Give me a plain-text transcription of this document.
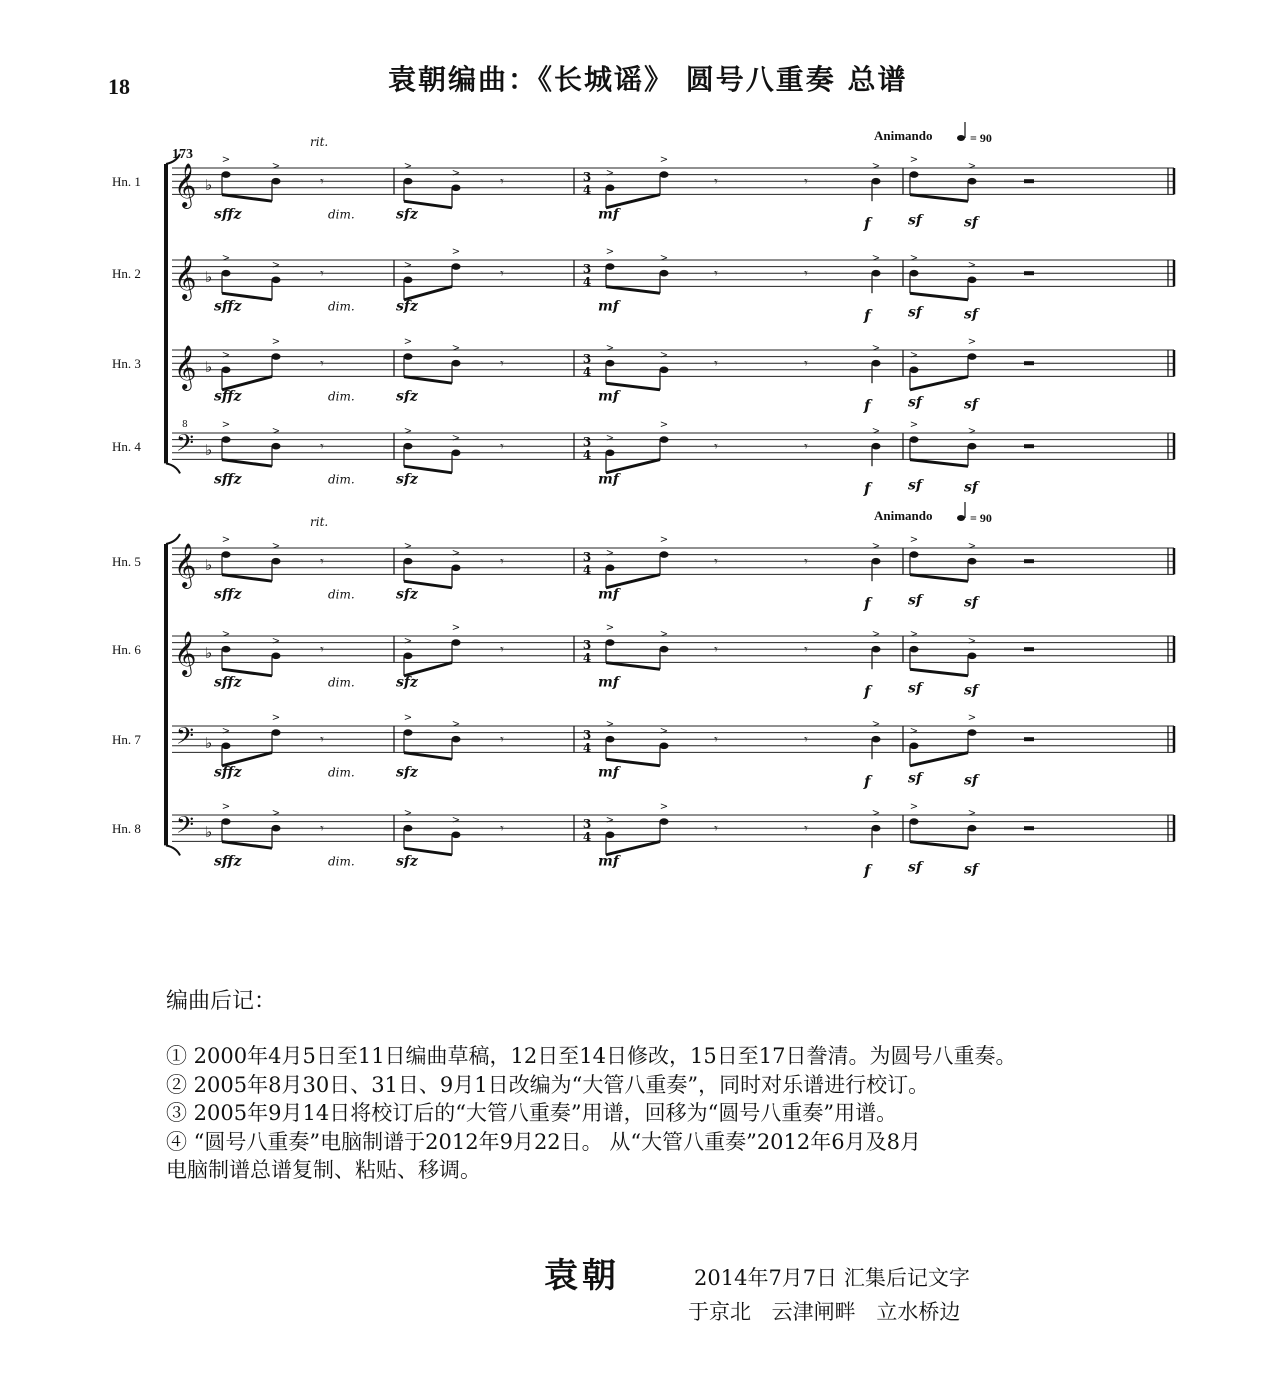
18	袁朝编曲：《长城谣》 圆号八重奏 总谱
Hn. 1 𝄞 ♭	3
4
>
>	>
>	>
>	>
>
>
𝄾	𝄾	𝄾	𝄾
sffz	dim.	sfz	mf	f	sf	sf
Hn. 2 𝄞 ♭	3
4
>
>	>
>	>
>	>
>
>
𝄾	𝄾	𝄾	𝄾
sffz	dim.	sfz	mf	f	sf	sf
Hn. 3 𝄞 ♭	3
4
>
>	>
>	>
>	>
>
>
𝄾	𝄾	𝄾	𝄾
sffz	dim.	sfz	mf	f	sf	sf
Hn. 4 𝄢
8
♭	3
4
>
>	>
>	>
>	>
>
>
𝄾	𝄾	𝄾	𝄾
sffz	dim.	sfz	mf	f	sf	sf
rit.	Animando	= 90
Hn. 5 𝄞 ♭	3
4
>
>	>
>	>
>	>
>
>
𝄾	𝄾	𝄾	𝄾
sffz	dim.	sfz	mf	f	sf	sf
Hn. 6 𝄞 ♭	3
4
>
>	>
>	>
>	>
>
>
𝄾	𝄾	𝄾	𝄾
sffz	dim.	sfz	mf	f	sf	sf
Hn. 7 𝄢 ♭	3
4
>
>	>
>	>
>	>
>
>
𝄾	𝄾	𝄾	𝄾
sffz	dim.	sfz	mf	f	sf	sf
Hn. 8 𝄢 ♭	3
4
>
>	>
>	>
>	>
>
>
𝄾	𝄾	𝄾	𝄾
sffz	dim.	sfz	mf	f	sf	sf
rit.	Animando	= 90
173
编曲后记：
① 2000年4月5日至11日编曲草稿，12日至14日修改，15日至17日誊清。为圆号八重奏。
② 2005年8月30日、31日、9月1日改编为“大管八重奏”，同时对乐谱进行校订。
③ 2005年9月14日将校订后的“大管八重奏”用谱，回移为“圆号八重奏”用谱。
④ “圆号八重奏”电脑制谱于2012年9月22日。 从“大管八重奏”2012年6月及8月
电脑制谱总谱复制、粘贴、移调。
袁朝	2014年7月7日 汇集后记文字
于京北 云津闸畔 立水桥边
